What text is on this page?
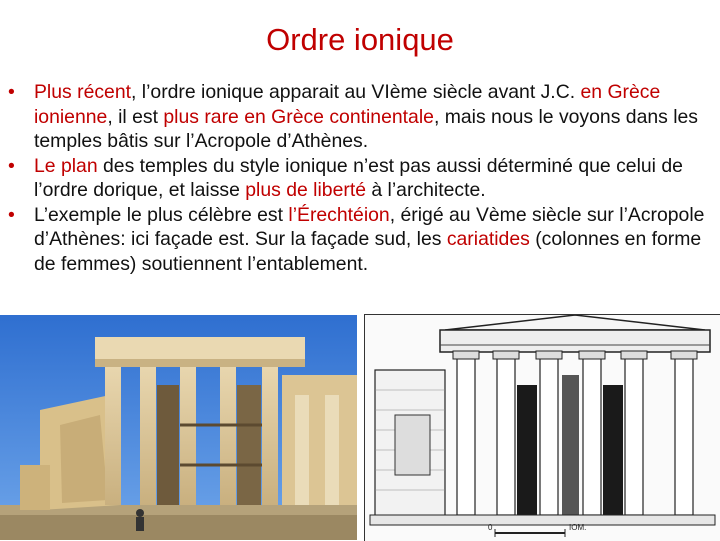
Ordre ionique
• Plus récent, l’ordre ionique apparait au VIème siècle avant J.C. en Grèce ionienne, il est plus rare en Grèce continentale, mais nous le voyons dans les temples bâtis sur l’Acropole d’Athènes.
• Le plan des temples du style ionique n’est pas aussi déterminé que celui de l’ordre dorique, et laisse plus de liberté à l’architecte.
• L’exemple le plus célèbre est l’Érechtéion, érigé au Vème siècle sur l’Acropole d’Athènes: ici façade est. Sur la façade sud, les cariatides (colonnes en forme de femmes) soutiennent l’entablement.
0	IOM.
